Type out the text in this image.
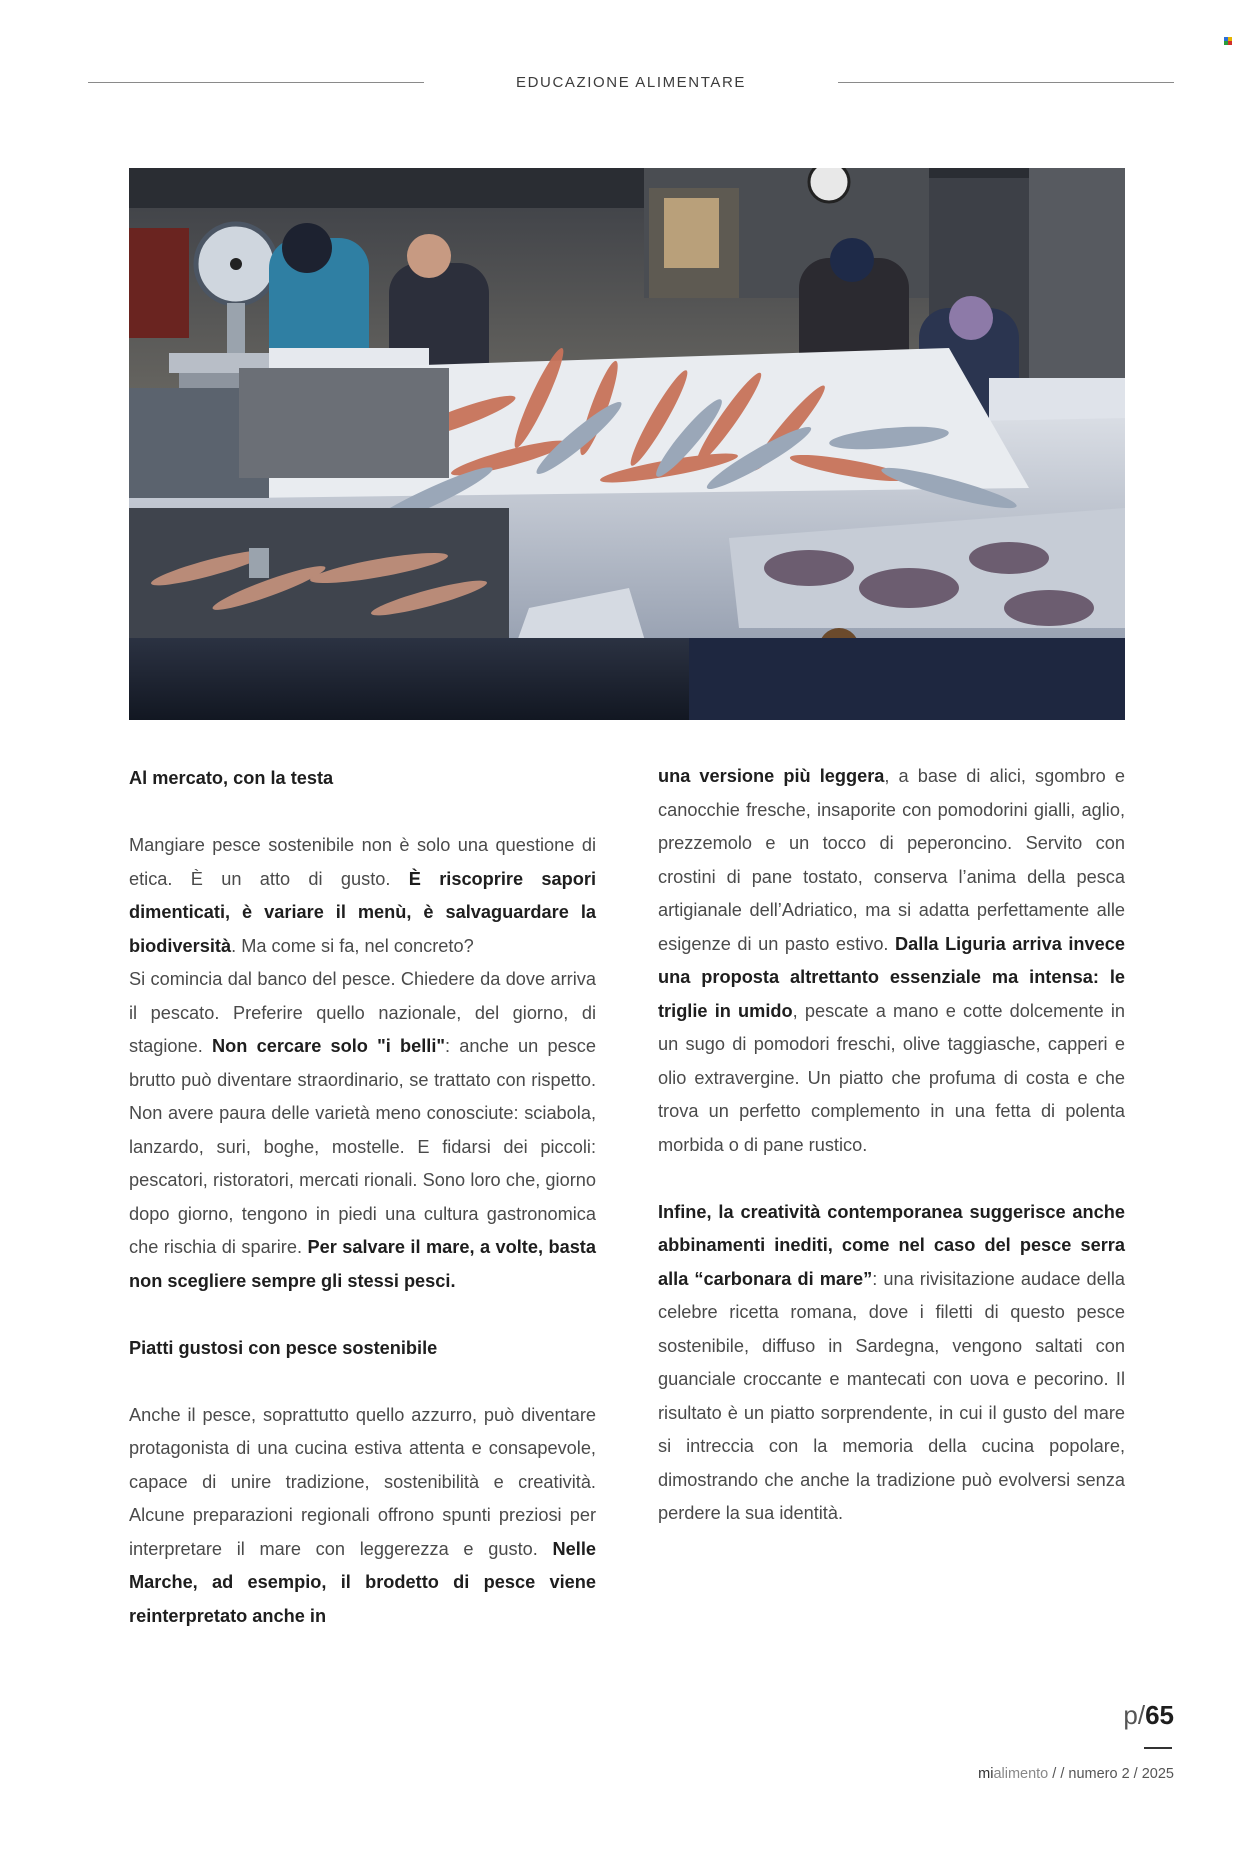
EDUCAZIONE ALIMENTARE
Al mercato, con la testa

Mangiare pesce sostenibile non è solo una questione di etica. È un atto di gusto. È riscoprire sapori dimenticati, è variare il menù, è salvaguardare la biodiversità. Ma come si fa, nel concreto?

Si comincia dal banco del pesce. Chiedere da dove arriva il pescato. Preferire quello nazionale, del giorno, di stagione. Non cercare solo "i belli": anche un pesce brutto può diventare straordinario, se trattato con rispetto. Non avere paura delle varietà meno conosciute: sciabola, lanzardo, suri, boghe, mostelle. E fidarsi dei piccoli: pescatori, ristoratori, mercati rionali. Sono loro che, giorno dopo giorno, tengono in piedi una cultura gastronomica che rischia di sparire. Per salvare il mare, a volte, basta non scegliere sempre gli stessi pesci.

Piatti gustosi con pesce sostenibile

Anche il pesce, soprattutto quello azzurro, può diventare protagonista di una cucina estiva attenta e consapevole, capace di unire tradizione, sostenibilità e creatività. Alcune preparazioni regionali offrono spunti preziosi per interpretare il mare con leggerezza e gusto. Nelle Marche, ad esempio, il brodetto di pesce viene reinterpretato anche in

una versione più leggera, a base di alici, sgombro e canocchie fresche, insaporite con pomodorini gialli, aglio, prezzemolo e un tocco di peperoncino. Servito con crostini di pane tostato, conserva l’anima della pesca artigianale dell’Adriatico, ma si adatta perfettamente alle esigenze di un pasto estivo. Dalla Liguria arriva invece una proposta altrettanto essenziale ma intensa: le triglie in umido, pescate a mano e cotte dolcemente in un sugo di pomodori freschi, olive taggiasche, capperi e olio extravergine. Un piatto che profuma di costa e che trova un perfetto complemento in una fetta di polenta morbida o di pane rustico.

Infine, la creatività contemporanea suggerisce anche abbinamenti inediti, come nel caso del pesce serra alla “carbonara di mare”: una rivisitazione audace della celebre ricetta romana, dove i filetti di questo pesce sostenibile, diffuso in Sardegna, vengono saltati con guanciale croccante e mantecati con uova e pecorino. Il risultato è un piatto sorprendente, in cui il gusto del mare si intreccia con la memoria della cucina popolare, dimostrando che anche la tradizione può evolversi senza perdere la sua identità.

p/65
mialimento / / numero 2 / 2025
